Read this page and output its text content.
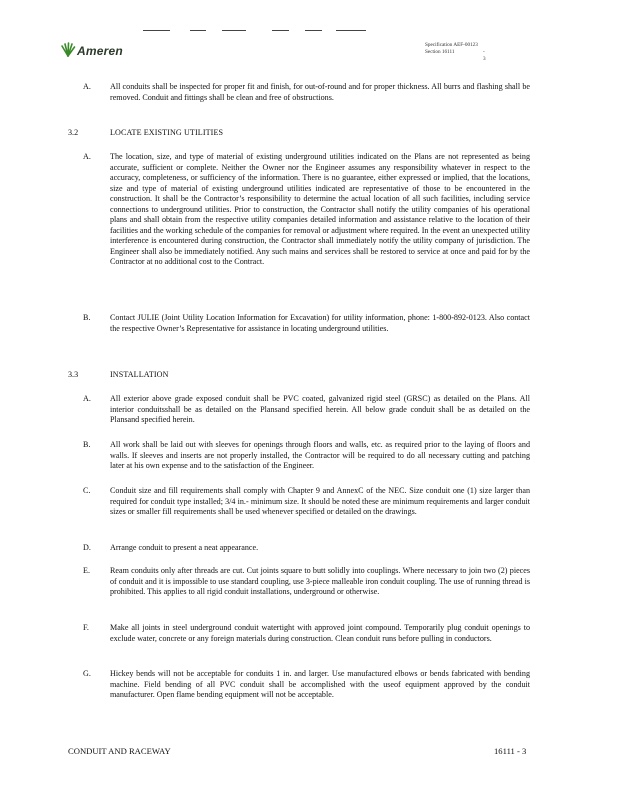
Ameren	Specification AEF-00123
Section 16111	- 3
A. All conduits shall be inspected for proper fit and finish, for out-of-round and for proper thickness. All burrs and flashing shall be removed. Conduit and fittings shall be clean and free of obstructions.
3.2	LOCATE EXISTING UTILITIES
A. The location, size, and type of material of existing underground utilities indicated on the Plans are not represented as being accurate, sufficient or complete. Neither the Owner nor the Engineer assumes any responsibility whatever in respect to the accuracy, completeness, or sufficiency of the information. There is no guarantee, either expressed or implied, that the locations, size and type of material of existing underground utilities indicated are representative of those to be encountered in the construction. It shall be the Contractor’s responsibility to determine the actual location of all such facilities, including service connections to underground utilities. Prior to construction, the Contractor shall notify the utility companies of his operational plans and shall obtain from the respective utility companies detailed information and assistance relative to the location of their facilities and the working schedule of the companies for removal or adjustment where required. In the event an unexpected utility interference is encountered during construction, the Contractor shall immediately notify the utility company of jurisdiction. The Engineer shall also be immediately notified. Any such mains and services shall be restored to service at once and paid for by the Contractor at no additional cost to the Contract.
B. Contact JULIE (Joint Utility Location Information for Excavation) for utility information, phone: 1-800-892-0123. Also contact the respective Owner’s Representative for assistance in locating underground utilities.
3.3	INSTALLATION
A. All exterior above grade exposed conduit shall be PVC coated, galvanized rigid steel (GRSC) as detailed on the Plans. All interior conduitsshall be as detailed on the Plansand specified herein. All below grade conduit shall be as detailed on the Plansand specified herein.
B. All work shall be laid out with sleeves for openings through floors and walls, etc. as required prior to the laying of floors and walls. If sleeves and inserts are not properly installed, the Contractor will be required to do all necessary cutting and patching later at his own expense and to the satisfaction of the Engineer.
C. Conduit size and fill requirements shall comply with Chapter 9 and AnnexC of the NEC. Size conduit one (1) size larger than required for conduit type installed; 3/4 in.- minimum size. It should be noted these are minimum requirements and larger conduit sizes or smaller fill requirements shall be used whenever specified or detailed on the drawings.
D. Arrange conduit to present a neat appearance.
E. Ream conduits only after threads are cut. Cut joints square to butt solidly into couplings. Where necessary to join two (2) pieces of conduit and it is impossible to use standard coupling, use 3-piece malleable iron conduit coupling. The use of running thread is prohibited. This applies to all rigid conduit installations, underground or otherwise.
F.	Make all joints in steel underground conduit watertight with approved joint compound. Temporarily plug conduit openings to exclude water, concrete or any foreign materials during construction. Clean conduit runs before pulling in conductors.
G. Hickey bends will not be acceptable for conduits 1 in. and larger. Use manufactured elbows or bends fabricated with bending machine. Field bending of all PVC conduit shall be accomplished with the useof equipment approved by the conduit manufacturer. Open flame bending equipment will not be acceptable.
CONDUIT AND RACEWAY	16111 - 3
